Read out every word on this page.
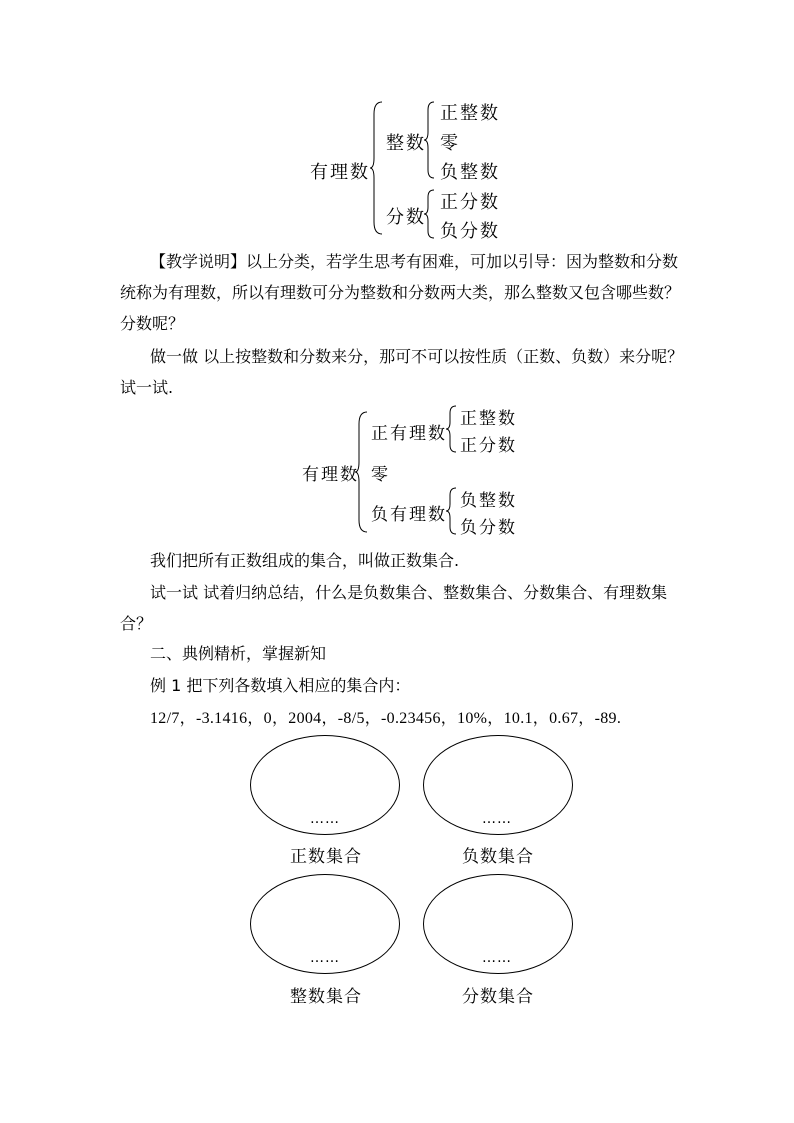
有理数
整数
正整数
零
负整数
分数
正分数
负分数
【教学说明】以上分类，若学生思考有困难，可加以引导：因为整数和分数
统称为有理数，所以有理数可分为整数和分数两大类，那么整数又包含哪些数？
分数呢？
做一做 以上按整数和分数来分，那可不可以按性质（正数、负数）来分呢？
试一试.
有理数
正有理数
正整数
正分数
零
负有理数
负整数
负分数
我们把所有正数组成的集合，叫做正数集合.
试一试 试着归纳总结，什么是负数集合、整数集合、分数集合、有理数集
合？
二、典例精析，掌握新知
例 1 把下列各数填入相应的集合内：
12/7，-3.1416，0，2004，-8/5，-0.23456，10%，10.1，0.67，-89.
……
正数集合
……
负数集合
……
整数集合
……
分数集合
